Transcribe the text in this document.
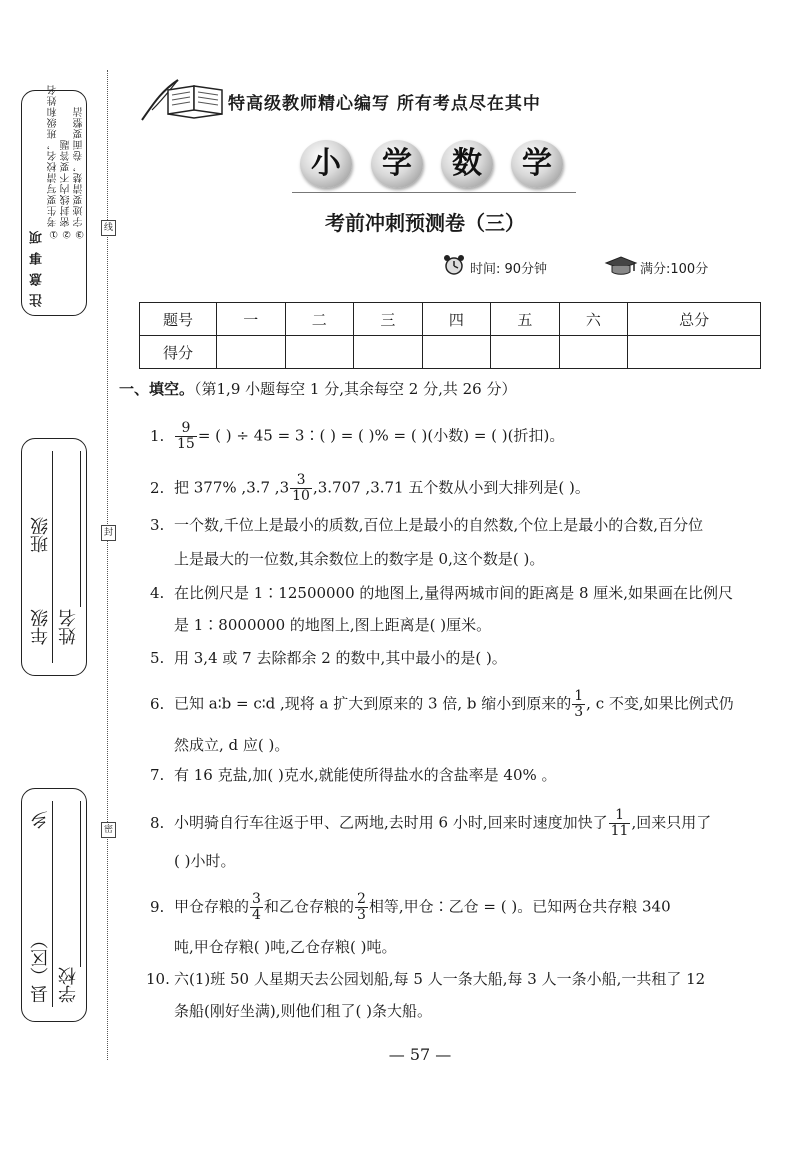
注意事项
①考生要写清校名，班级和姓名 ②密封线内不要答题 ③字迹要清楚，卷面要整洁
年级
班级
姓名
县（区）
乡
学校
线
封
密
特高级教师精心编写 所有考点尽在其中
小	学	数	学
考前冲刺预测卷（三）
时间: 90分钟	满分:100分
题号	一	二	三	四	五	六	总分
得分							
一、填空。（第1,9 小题每空 1 分,其余每空 2 分,共 26 分）
1. $\frac{9}{15}$ = ( ) ÷ 45 = 3∶( ) = ( )% = ( )(小数) = ( )(折扣)。
2. 把 377% ,3.7 $,3 \frac{3}{10} ,3.707$ ,3.71 五个数从小到大排列是( )。
3. 一个数,千位上是最小的质数,百位上是最小的自然数,个位上是最小的合数,百分位
上是最大的一位数,其余数位上的数字是 0,这个数是( )。
4. 在比例尺是 1∶12500000 的地图上,量得两城市间的距离是 8 厘米,如果画在比例尺
是 1∶8000000 的地图上,图上距离是( )厘米。
5. 用 3,4 或 7 去除都余 2 的数中,其中最小的是( )。
6. 已知 a∶b = c∶d ,现将 a 扩大到原来的 3 倍, b 缩小到原来的 $\frac{1}{3}$ , c 不变,如果比例式仍
然成立, d 应( )。
7. 有 16 克盐,加( )克水,就能使所得盐水的含盐率是 40% 。
8. 小明骑自行车往返于甲、乙两地,去时用 6 小时,回来时速度加快了 $\frac{1}{11}$ ,回来只用了
( )小时。
9. 甲仓存粮的 $\frac{3}{4}$ 和乙仓存粮的 $\frac{2}{3}$ 相等,甲仓∶乙仓 = ( )。已知两仓共存粮 340
吨,甲仓存粮( )吨,乙仓存粮( )吨。
10. 六(1)班 50 人星期天去公园划船,每 5 人一条大船,每 3 人一条小船,一共租了 12
条船(刚好坐满),则他们租了( )条大船。
— 57 —
